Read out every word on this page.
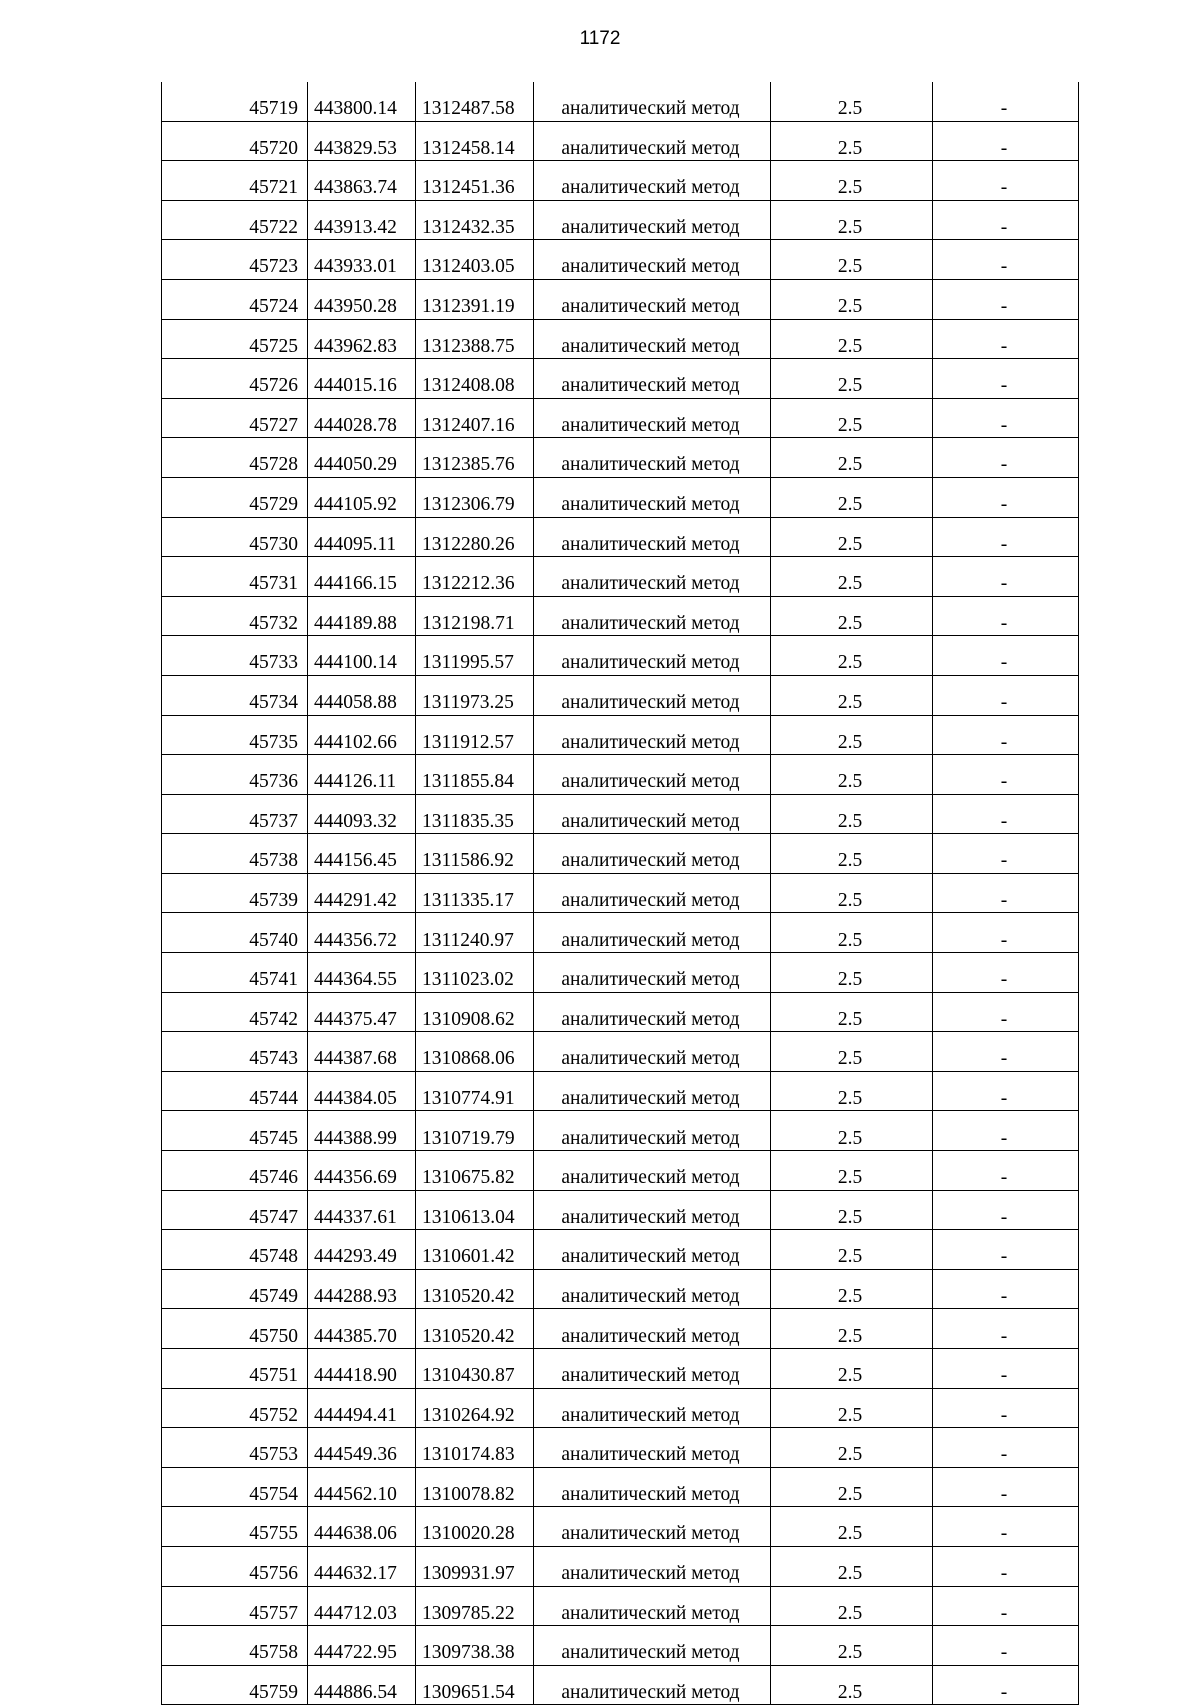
1172
45719	443800.14	1312487.58	аналитический метод	2.5	-
45720	443829.53	1312458.14	аналитический метод	2.5	-
45721	443863.74	1312451.36	аналитический метод	2.5	-
45722	443913.42	1312432.35	аналитический метод	2.5	-
45723	443933.01	1312403.05	аналитический метод	2.5	-
45724	443950.28	1312391.19	аналитический метод	2.5	-
45725	443962.83	1312388.75	аналитический метод	2.5	-
45726	444015.16	1312408.08	аналитический метод	2.5	-
45727	444028.78	1312407.16	аналитический метод	2.5	-
45728	444050.29	1312385.76	аналитический метод	2.5	-
45729	444105.92	1312306.79	аналитический метод	2.5	-
45730	444095.11	1312280.26	аналитический метод	2.5	-
45731	444166.15	1312212.36	аналитический метод	2.5	-
45732	444189.88	1312198.71	аналитический метод	2.5	-
45733	444100.14	1311995.57	аналитический метод	2.5	-
45734	444058.88	1311973.25	аналитический метод	2.5	-
45735	444102.66	1311912.57	аналитический метод	2.5	-
45736	444126.11	1311855.84	аналитический метод	2.5	-
45737	444093.32	1311835.35	аналитический метод	2.5	-
45738	444156.45	1311586.92	аналитический метод	2.5	-
45739	444291.42	1311335.17	аналитический метод	2.5	-
45740	444356.72	1311240.97	аналитический метод	2.5	-
45741	444364.55	1311023.02	аналитический метод	2.5	-
45742	444375.47	1310908.62	аналитический метод	2.5	-
45743	444387.68	1310868.06	аналитический метод	2.5	-
45744	444384.05	1310774.91	аналитический метод	2.5	-
45745	444388.99	1310719.79	аналитический метод	2.5	-
45746	444356.69	1310675.82	аналитический метод	2.5	-
45747	444337.61	1310613.04	аналитический метод	2.5	-
45748	444293.49	1310601.42	аналитический метод	2.5	-
45749	444288.93	1310520.42	аналитический метод	2.5	-
45750	444385.70	1310520.42	аналитический метод	2.5	-
45751	444418.90	1310430.87	аналитический метод	2.5	-
45752	444494.41	1310264.92	аналитический метод	2.5	-
45753	444549.36	1310174.83	аналитический метод	2.5	-
45754	444562.10	1310078.82	аналитический метод	2.5	-
45755	444638.06	1310020.28	аналитический метод	2.5	-
45756	444632.17	1309931.97	аналитический метод	2.5	-
45757	444712.03	1309785.22	аналитический метод	2.5	-
45758	444722.95	1309738.38	аналитический метод	2.5	-
45759	444886.54	1309651.54	аналитический метод	2.5	-
